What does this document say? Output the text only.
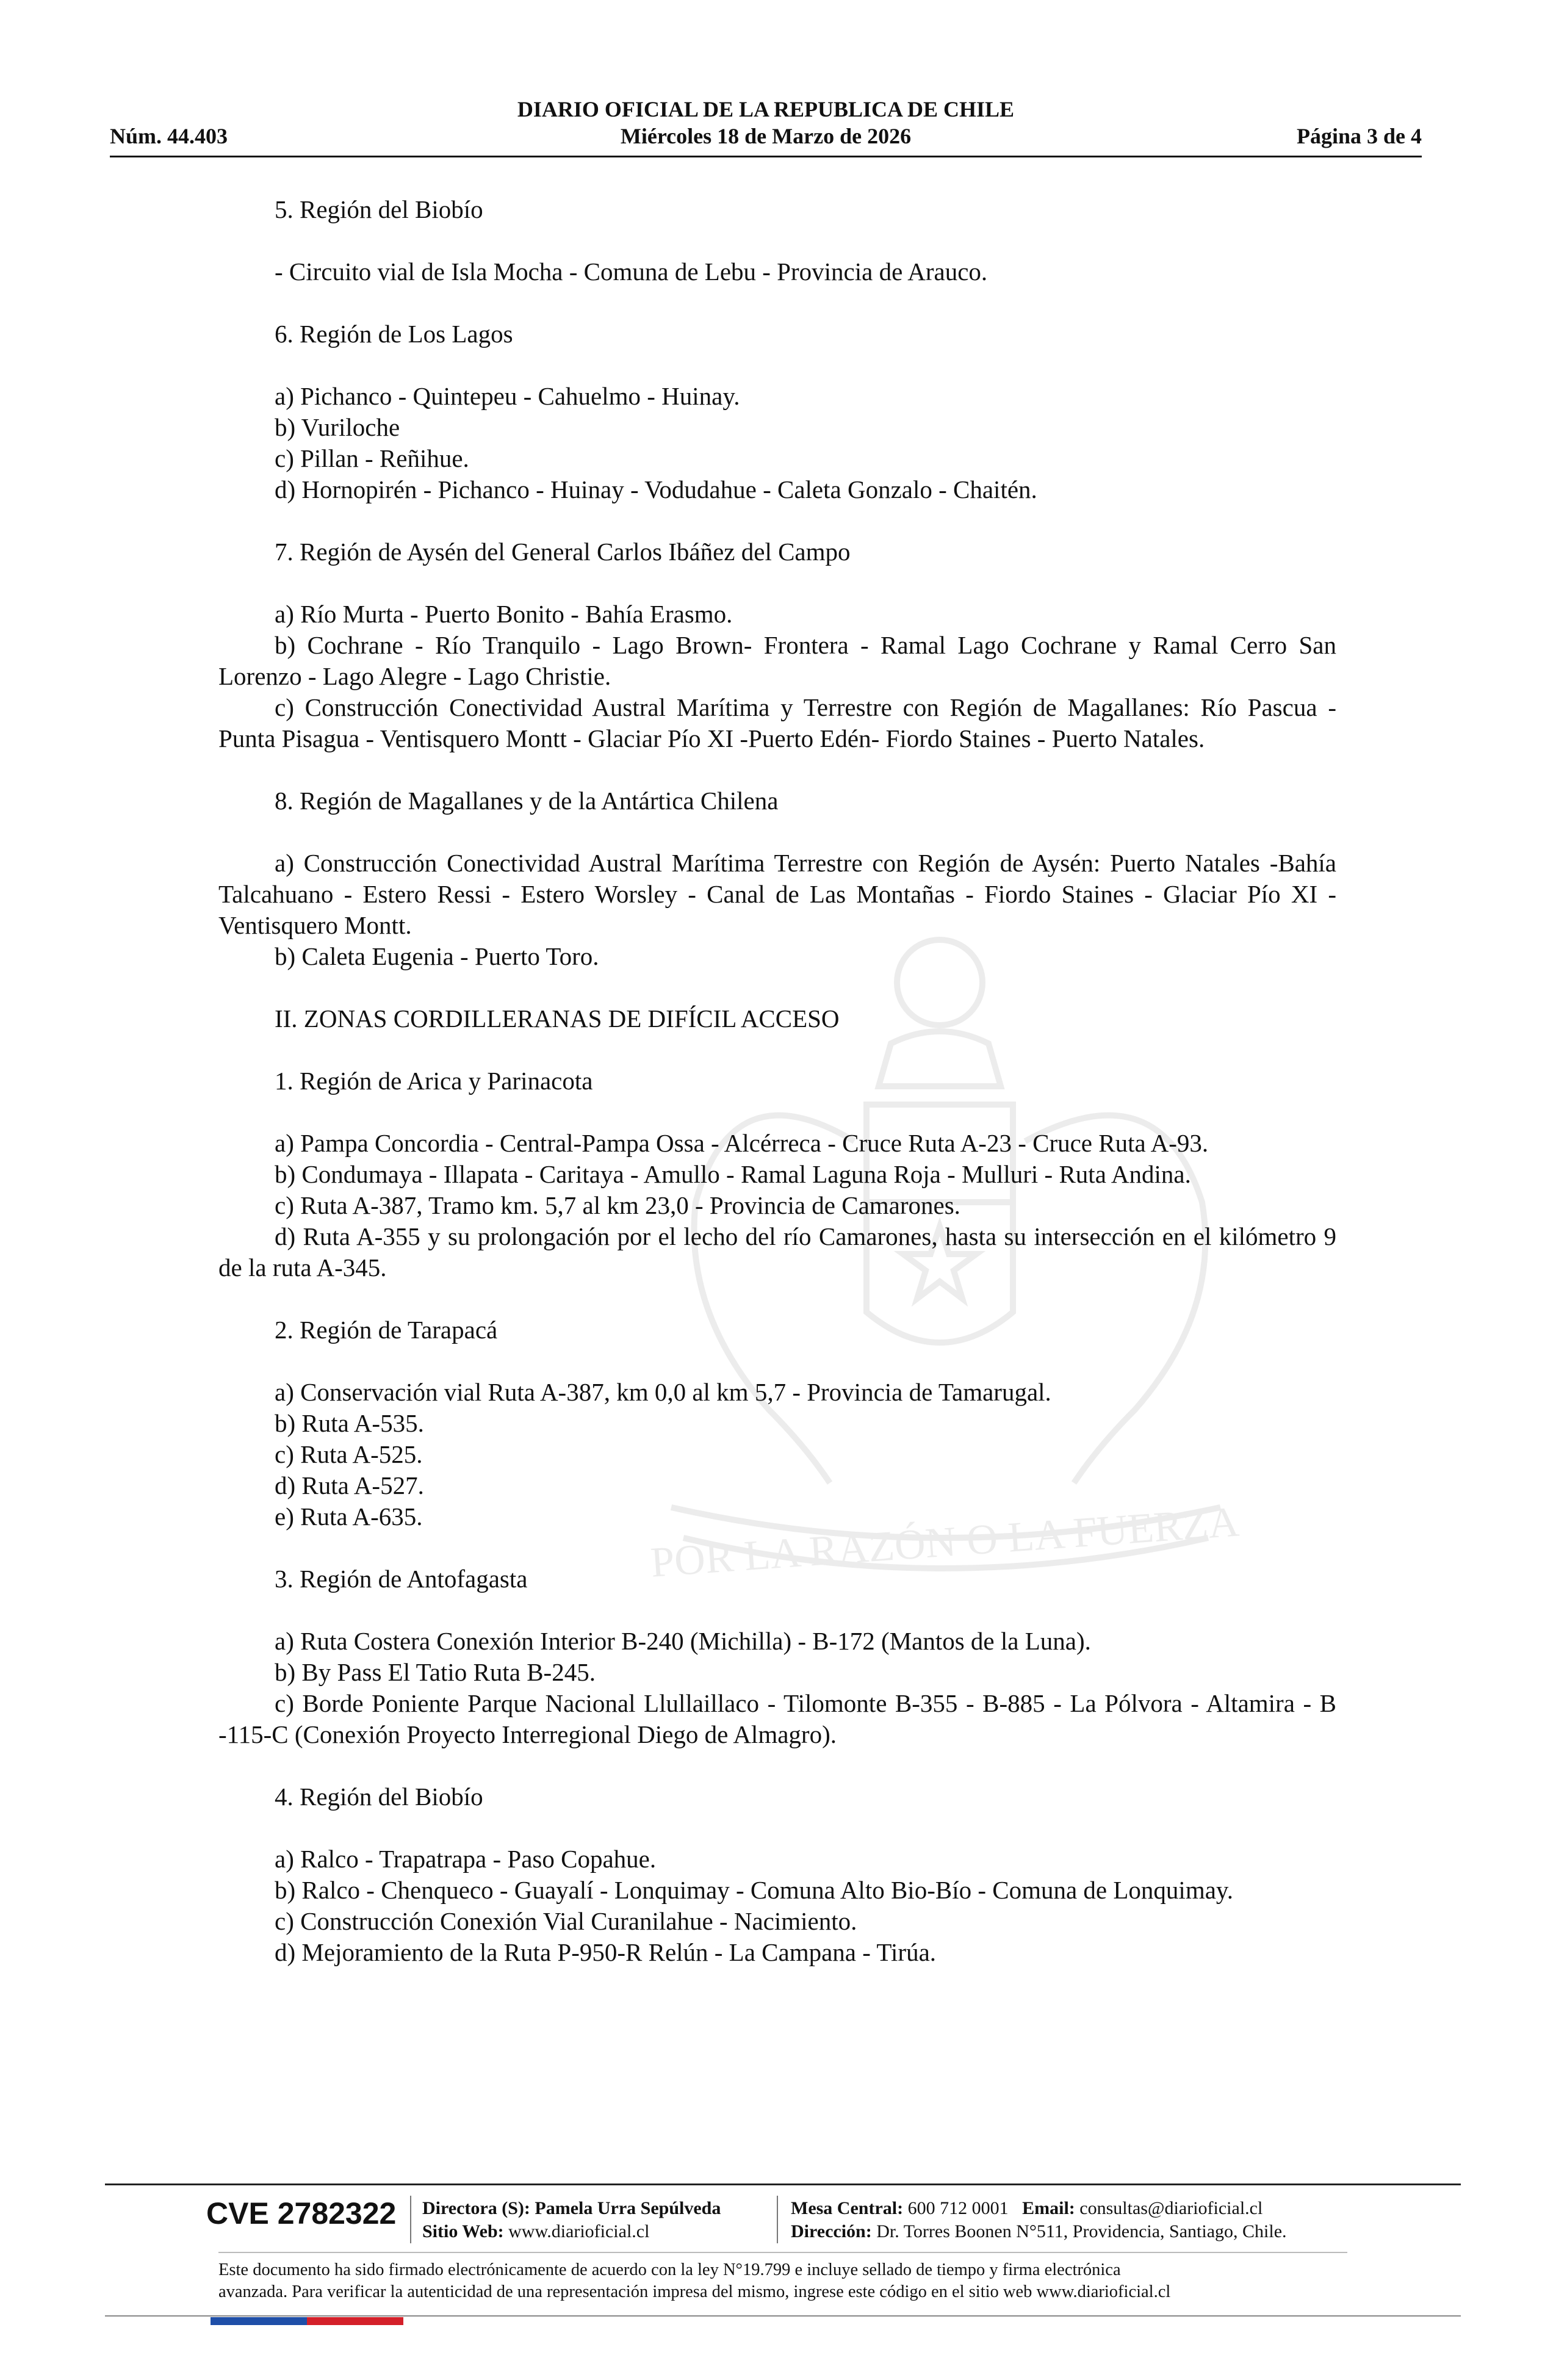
POR LA RAZÓN O LA FUERZA
DIARIO OFICIAL DE LA REPUBLICA DE CHILE
Núm. 44.403	Miércoles 18 de Marzo de 2026	Página 3 de 4

5. Región del Biobío

- Circuito vial de Isla Mocha - Comuna de Lebu - Provincia de Arauco.

6. Región de Los Lagos

a) Pichanco - Quintepeu - Cahuelmo - Huinay.

b) Vuriloche

c) Pillan - Reñihue.

d) Hornopirén - Pichanco - Huinay - Vodudahue - Caleta Gonzalo - Chaitén.

7. Región de Aysén del General Carlos Ibáñez del Campo

a) Río Murta - Puerto Bonito - Bahía Erasmo.

b) Cochrane - Río Tranquilo - Lago Brown- Frontera - Ramal Lago Cochrane y Ramal Cerro San Lorenzo - Lago Alegre - Lago Christie.

c) Construcción Conectividad Austral Marítima y Terrestre con Región de Magallanes: Río Pascua - Punta Pisagua - Ventisquero Montt - Glaciar Pío XI -Puerto Edén- Fiordo Staines - Puerto Natales.

8. Región de Magallanes y de la Antártica Chilena

a) Construcción Conectividad Austral Marítima Terrestre con Región de Aysén: Puerto Natales -Bahía Talcahuano - Estero Ressi - Estero Worsley - Canal de Las Montañas - Fiordo Staines - Glaciar Pío XI - Ventisquero Montt.

b) Caleta Eugenia - Puerto Toro.

II. ZONAS CORDILLERANAS DE DIFÍCIL ACCESO

1. Región de Arica y Parinacota

a) Pampa Concordia - Central-Pampa Ossa - Alcérreca - Cruce Ruta A-23 - Cruce Ruta A-93.

b) Condumaya - Illapata - Caritaya - Amullo - Ramal Laguna Roja - Mulluri - Ruta Andina.

c) Ruta A-387, Tramo km. 5,7 al km 23,0 - Provincia de Camarones.

d) Ruta A-355 y su prolongación por el lecho del río Camarones, hasta su intersección en el kilómetro 9 de la ruta A-345.

2. Región de Tarapacá

a) Conservación vial Ruta A-387, km 0,0 al km 5,7 - Provincia de Tamarugal.

b) Ruta A-535.

c) Ruta A-525.

d) Ruta A-527.

e) Ruta A-635.

3. Región de Antofagasta

a) Ruta Costera Conexión Interior B-240 (Michilla) - B-172 (Mantos de la Luna).

b) By Pass El Tatio Ruta B-245.

c) Borde Poniente Parque Nacional Llullaillaco - Tilomonte B-355 - B-885 - La Pólvora - Altamira - B -115-C (Conexión Proyecto Interregional Diego de Almagro).

4. Región del Biobío

a) Ralco - Trapatrapa - Paso Copahue.

b) Ralco - Chenqueco - Guayalí - Lonquimay - Comuna Alto Bio-Bío - Comuna de Lonquimay.

c) Construcción Conexión Vial Curanilahue - Nacimiento.

d) Mejoramiento de la Ruta P-950-R Relún - La Campana - Tirúa.

CVE 2782322 Directora (S): Pamela Urra Sepúlveda
Sitio Web: www.diarioficial.cl
Mesa Central: 600 712 0001 Email: consultas@diarioficial.cl
Dirección: Dr. Torres Boonen N°511, Providencia, Santiago, Chile.
Este documento ha sido firmado electrónicamente de acuerdo con la ley N°19.799 e incluye sellado de tiempo y firma electrónica
avanzada. Para verificar la autenticidad de una representación impresa del mismo, ingrese este código en el sitio web www.diarioficial.cl
